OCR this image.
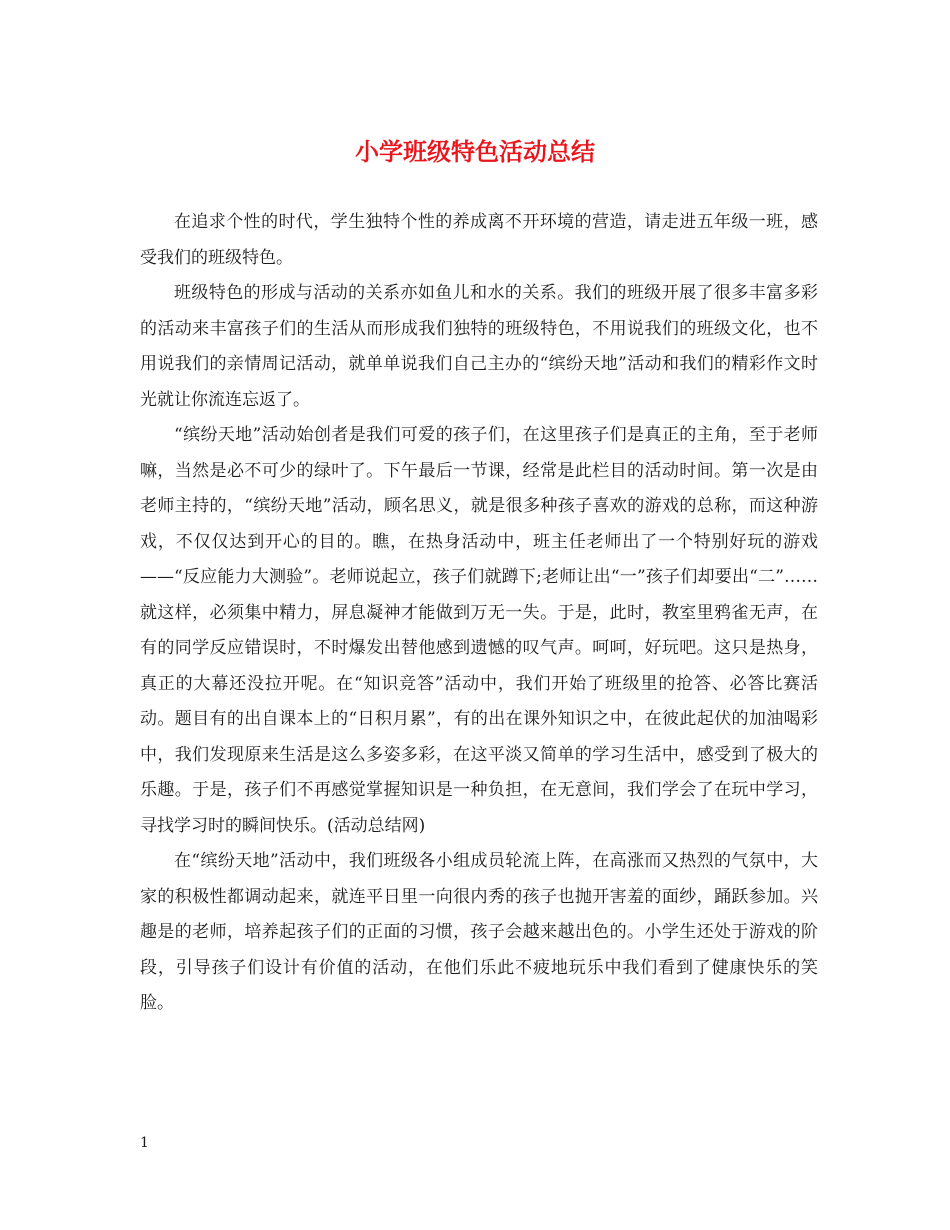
小学班级特色活动总结

在追求个性的时代，学生独特个性的养成离不开环境的营造，请走进五年级一班，感受我们的班级特色。

班级特色的形成与活动的关系亦如鱼儿和水的关系。我们的班级开展了很多丰富多彩的活动来丰富孩子们的生活从而形成我们独特的班级特色，不用说我们的班级文化，也不用说我们的亲情周记活动，就单单说我们自己主办的“缤纷天地”活动和我们的精彩作文时光就让你流连忘返了。

“缤纷天地”活动始创者是我们可爱的孩子们，在这里孩子们是真正的主角，至于老师嘛，当然是必不可少的绿叶了。下午最后一节课，经常是此栏目的活动时间。第一次是由老师主持的，“缤纷天地”活动，顾名思义，就是很多种孩子喜欢的游戏的总称，而这种游戏，不仅仅达到开心的目的。瞧，在热身活动中，班主任老师出了一个特别好玩的游戏——“反应能力大测验”。老师说起立，孩子们就蹲下;老师让出“一”孩子们却要出“二”……就这样，必须集中精力，屏息凝神才能做到万无一失。于是，此时，教室里鸦雀无声，在有的同学反应错误时，不时爆发出替他感到遗憾的叹气声。呵呵，好玩吧。这只是热身，真正的大幕还没拉开呢。在“知识竞答”活动中，我们开始了班级里的抢答、必答比赛活动。题目有的出自课本上的“日积月累”，有的出在课外知识之中，在彼此起伏的加油喝彩中，我们发现原来生活是这么多姿多彩，在这平淡又简单的学习生活中，感受到了极大的乐趣。于是，孩子们不再感觉掌握知识是一种负担，在无意间，我们学会了在玩中学习，寻找学习时的瞬间快乐。(活动总结网)

在“缤纷天地”活动中，我们班级各小组成员轮流上阵，在高涨而又热烈的气氛中，大家的积极性都调动起来，就连平日里一向很内秀的孩子也抛开害羞的面纱，踊跃参加。兴趣是的老师，培养起孩子们的正面的习惯，孩子会越来越出色的。小学生还处于游戏的阶段，引导孩子们设计有价值的活动，在他们乐此不疲地玩乐中我们看到了健康快乐的笑脸。

1
